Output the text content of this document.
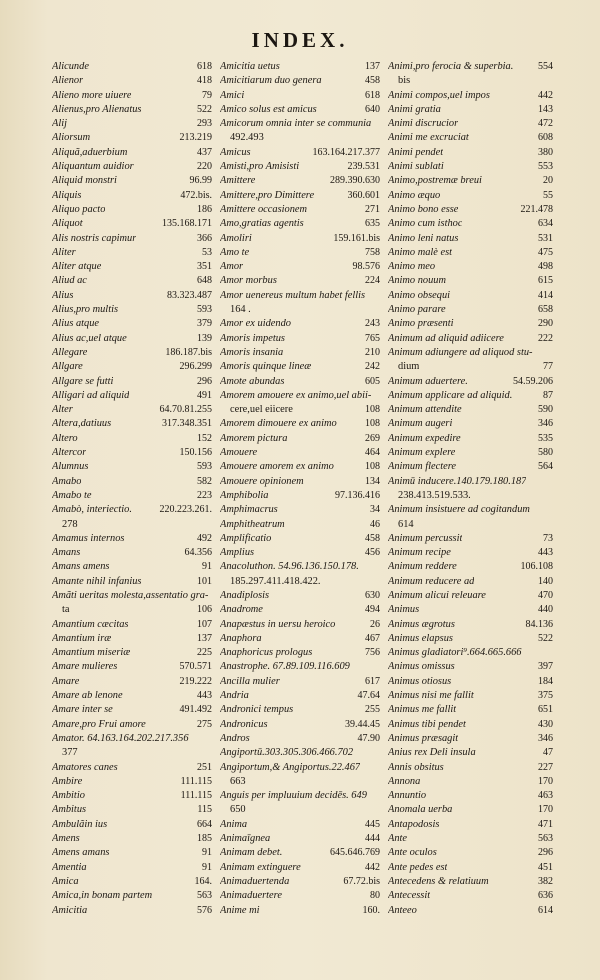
INDEX.
Alicunde	618
Alienor	418
Alieno more uiuere	79
Alienus,pro Alienatus	522
Alij	293
Aliorsum	213.219
Aliquã,aduerbium	437
Aliquantum auidior	220
Aliquid monstri	96.99
Aliquis	472.bis.
Aliquo pacto	186
Aliquot	135.168.171
Alis nostris capimur	366
Aliter	53
Aliter atque	351
Aliud ac	648
Alius	83.323.487
Alius,pro multis	593
Alius atque	379
Alius ac,uel atque	139
Allegare	186.187.bis
Allgare	296.299
Allgare se futti	296
Alligari ad aliquid	491
Alter	64.70.81.255
Altera,datiuus	317.348.351
Altero	152
Altercor	150.156
Alumnus	593
Amabo	582
Amabo te	223
Amabò, interiectio.	220.223.261.
278
Amamus internos	492
Amans	64.356
Amans amens	91
Amante nihil infanius	101
Amãti ueritas molesta,assentatio gra-
ta	106
Amantium cæcitas	107
Amantium iræ	137
Amantium miseriæ	225
Amare mulieres	570.571
Amare	219.222
Amare ab lenone	443
Amare inter se	491.492
Amare,pro Frui amore	275
Amator. 64.163.164.202.217.356
377
Amatores canes	251
Ambire	111.115
Ambitio	111.115
Ambitus	115
Ambulãin ius	664
Amens	185
Amens amans	91
Amentia	91
Amica	164.
Amica,in bonam partem	563
Amicitia	576
Amicitia uetus	137
Amicitiarum duo genera	458
Amici	618
Amico solus est amicus	640
Amicorum omnia inter se communia
492.493
Amicus	163.164.217.377
Amisti,pro Amisisti	239.531
Amittere	289.390.630
Amittere,pro Dimittere	360.601
Amittere occasionem	271
Amo,gratias agentis	635
Amoliri	159.161.bis
Amo te	758
Amor	98.576
Amor morbus	224
Amor uenereus multum habet fellis
164 .
Amor ex uidendo	243
Amoris impetus	765
Amoris insania	210
Amoris quinque lineæ	242
Amote abundas	605
Amorem amouere ex animo,uel abii-
cere,uel eiicere	108
Amorem dimouere ex animo	108
Amorem pictura	269
Amouere	464
Amouere amorem ex animo	108
Amouere opinionem	134
Amphibolia	97.136.416
Amphimacrus	34
Amphitheatrum	46
Amplificatio	458
Amplius	456
Anacoluthon. 54.96.136.150.178.
185.297.411.418.422.
Anadiplosis	630
Anadrome	494
Anapæstus in uersu heroico	26
Anaphora	467
Anaphoricus prologus	756
Anastrophe. 67.89.109.116.609
Ancilla mulier	617
Andria	47.64
Andronici tempus	255
Andronicus	39.44.45
Andros	47.90
Angiportū.303.305.306.466.702
Angiportum,& Angiportus.22.467
663
Anguis per impluuium decidēs. 649
650
Anima	445
Animaīgnea	444
Animam debet.	645.646.769
Animam extinguere	442
Animaduertenda	67.72.bis
Animaduertere	80
Anime mi	160.
Animi,pro ferocia & superbia.	554
bis
Animi compos,uel impos	442
Animi gratia	143
Animi discrucior	472
Animi me excruciat	608
Animi pendet	380
Animi sublati	553
Animo,postremæ breui	20
Animo æquo	55
Animo bono esse	221.478
Animo cum isthoc	634
Animo leni natus	531
Animo malè est	475
Animo meo	498
Animo nouum	615
Animo obsequi	414
Animo parare	658
Animo præsenti	290
Animum ad aliquid adiicere	222
Animum adiungere ad aliquod stu-
dium	77
Animum aduertere.	54.59.206
Animum applicare ad aliquid.	87
Animum attendite	590
Animum augeri	346
Animum expedire	535
Animum explere	580
Animum flectere	564
Animū inducere.140.179.180.187
238.413.519.533.
Animum insistuere ad cogitandum
614
Animum percussit	73
Animum recipe	443
Animum reddere	106.108
Animum reducere ad	140
Animum alicui releuare	470
Animus	440
Animus ægrotus	84.136
Animus elapsus	522
Animus gladiatori⁹.664.665.666
Animus omissus	397
Animus otiosus	184
Animus nisi me fallit	375
Animus me fallit	651
Animus tibi pendet	430
Animus præsagit	346
Anius rex Deli insula	47
Annis obsitus	227
Annona	170
Annuntio	463
Anomala uerba	170
Antapodosis	471
Ante	563
Ante oculos	296
Ante pedes est	451
Antecedens & relatiuum	382
Antecessit	636
Anteeo	614
